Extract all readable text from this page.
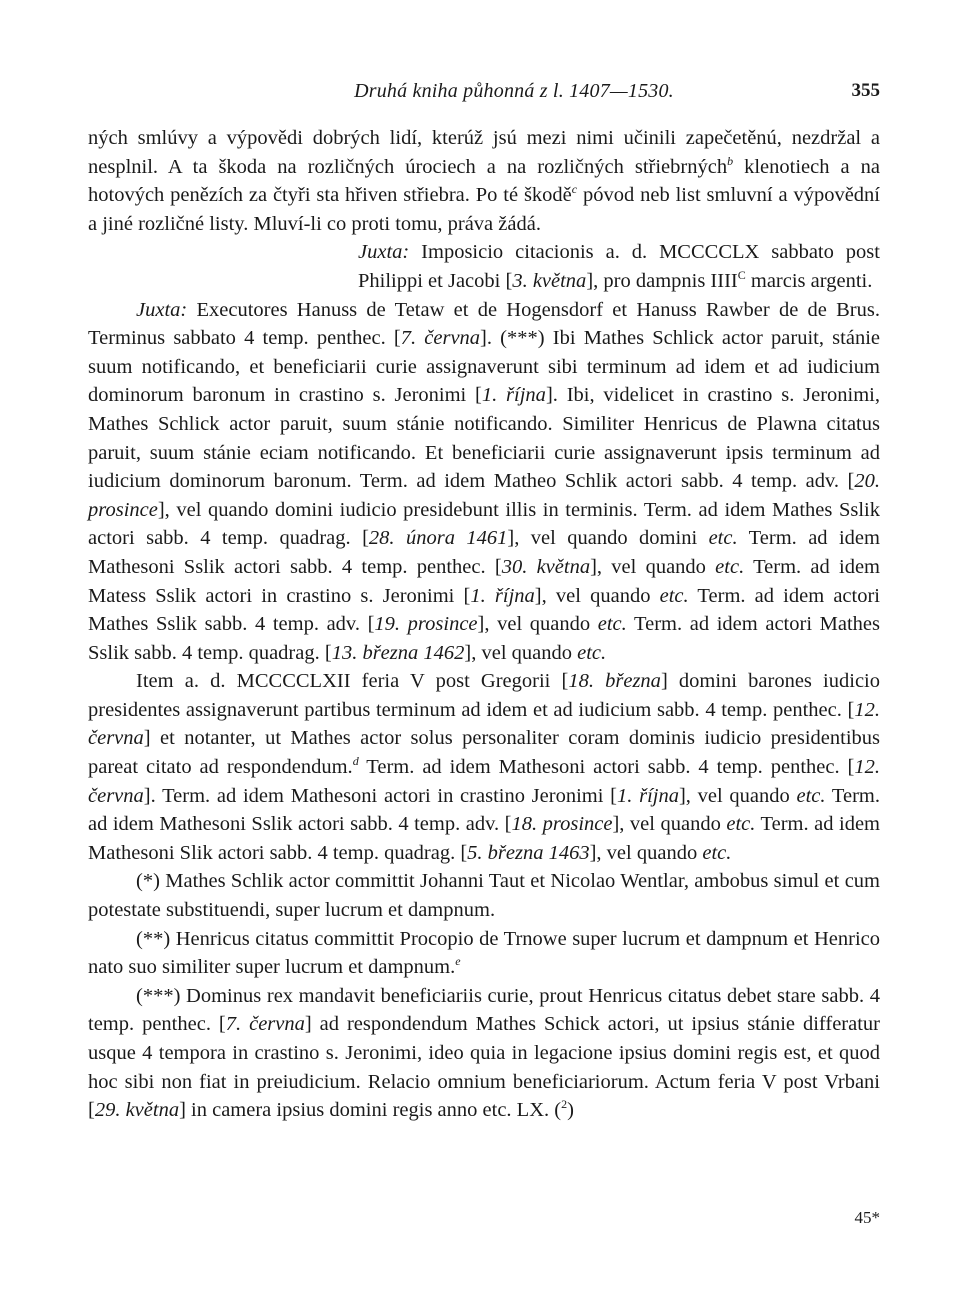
Druhá kniha půhonná z l. 1407—1530.	355

ných smlúvy a výpovědi dobrých lidí, kterúž jsú mezi nimi učinili zapečetěnú, nezdržal a nesplnil. A ta škoda na rozličných úrociech a na rozličných střiebrných$^b$ klenotiech a na hotových penězích za čtyři sta hřiven střiebra. Po té škodě$^c$ póvod neb list smluvní a výpovědní a jiné rozličné listy. Mluví-li co proti tomu, práva žádá.

Juxta: Imposicio citacionis a. d. MCCCCLX sabbato post Philippi et Jacobi [3. května], pro dampnis $IIII^C$ marcis argenti.

Juxta: Executores Hanuss de Tetaw et de Hogensdorf et Hanuss Rawber de de Brus. Terminus sabbato 4 temp. penthec. [7. června]. (***) Ibi Mathes Schlick actor paruit, stánie suum notificando, et beneficiarii curie assignaverunt sibi terminum ad idem et ad iudicium dominorum baronum in crastino s. Jeronimi [1. října]. Ibi, videlicet in crastino s. Jeronimi, Mathes Schlick actor paruit, suum stánie notificando. Similiter Henricus de Plawna citatus paruit, suum stánie eciam notificando. Et beneficiarii curie assignaverunt ipsis terminum ad iudicium dominorum baronum. Term. ad idem Matheo Schlik actori sabb. 4 temp. adv. [20. prosince], vel quando domini iudicio presidebunt illis in terminis. Term. ad idem Mathes Sslik actori sabb. 4 temp. quadrag. [28. února 1461], vel quando domini etc. Term. ad idem Mathesoni Sslik actori sabb. 4 temp. penthec. [30. května], vel quando etc. Term. ad idem Matess Sslik actori in crastino s. Jeronimi [1. října], vel quando etc. Term. ad idem actori Mathes Sslik sabb. 4 temp. adv. [19. prosince], vel quando etc. Term. ad idem actori Mathes Sslik sabb. 4 temp. quadrag. [13. března 1462], vel quando etc.

Item a. d. MCCCCLXII feria V post Gregorii [18. března] domini barones iudicio presidentes assignaverunt partibus terminum ad idem et ad iudicium sabb. 4 temp. penthec. [12. června] et notanter, ut Mathes actor solus personaliter coram dominis iudicio presidentibus pareat citato ad respondendum.$^d$ Term. ad idem Mathesoni actori sabb. 4 temp. penthec. [12. června]. Term. ad idem Mathesoni actori in crastino Jeronimi [1. října], vel quando etc. Term. ad idem Mathesoni Sslik actori sabb. 4 temp. adv. [18. prosince], vel quando etc. Term. ad idem Mathesoni Slik actori sabb. 4 temp. quadrag. [5. března 1463], vel quando etc.

(*) Mathes Schlik actor committit Johanni Taut et Nicolao Wentlar, ambobus simul et cum potestate substituendi, super lucrum et dampnum.

(**) Henricus citatus committit Procopio de Trnowe super lucrum et dampnum et Henrico nato suo similiter super lucrum et dampnum.$^e$

(***) Dominus rex mandavit beneficiariis curie, prout Henricus citatus debet stare sabb. 4 temp. penthec. [7. června] ad respondendum Mathes Schick actori, ut ipsius stánie differatur usque 4 tempora in crastino s. Jeronimi, ideo quia in legacione ipsius domini regis est, et quod hoc sibi non fiat in preiudicium. Relacio omnium beneficiariorum. Actum feria V post Vrbani [29. května] in camera ipsius domini regis anno etc. LX. ($^2$)

45*
